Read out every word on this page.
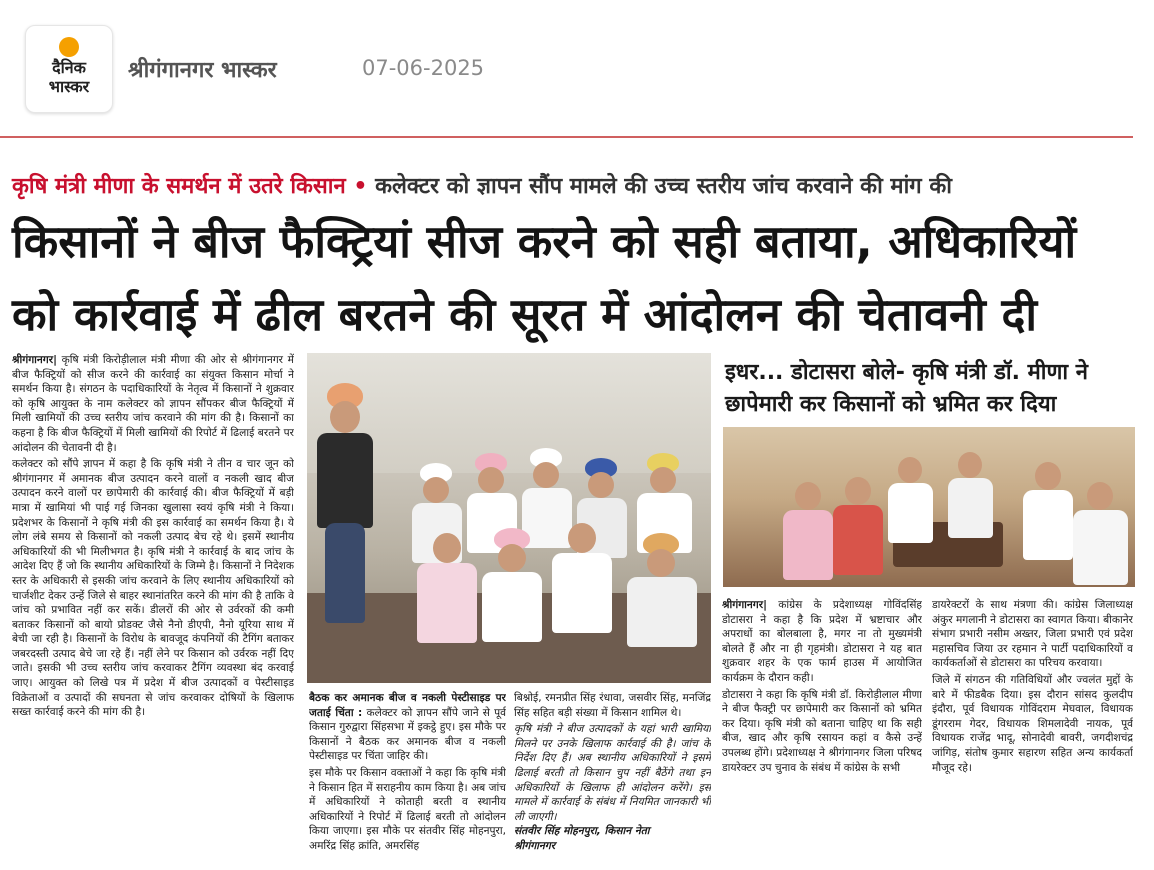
दैनिक
भास्कर
श्रीगंगानगर भास्कर	07-06-2025
कृषि मंत्री मीणा के समर्थन में उतरे किसान • कलेक्टर को ज्ञापन सौंप मामले की उच्च स्तरीय जांच करवाने की मांग की
किसानों ने बीज फैक्ट्रियां सीज करने को सही बताया, अधिकारियों
को कार्रवाई में ढील बरतने की सूरत में आंदोलन की चेतावनी दी

श्रीगंगानगर| कृषि मंत्री किरोड़ीलाल मंत्री मीणा की ओर से श्रीगंगानगर में बीज फैक्ट्रियों को सीज करने की कार्रवाई का संयुक्त किसान मोर्चा ने समर्थन किया है। संगठन के पदाधिकारियों के नेतृत्व में किसानों ने शुक्रवार को कृषि आयुक्त के नाम कलेक्टर को ज्ञापन सौंपकर बीज फैक्ट्रियों में मिली खामियों की उच्च स्तरीय जांच करवाने की मांग की है। किसानों का कहना है कि बीज फैक्ट्रियों में मिली खामियों की रिपोर्ट में ढिलाई बरतने पर आंदोलन की चेतावनी दी है।

कलेक्टर को सौंपे ज्ञापन में कहा है कि कृषि मंत्री ने तीन व चार जून को श्रीगंगानगर में अमानक बीज उत्पादन करने वालों व नकली खाद बीज उत्पादन करने वालों पर छापेमारी की कार्रवाई की। बीज फैक्ट्रियों में बड़ी मात्रा में खामियां भी पाई गई जिनका खुलासा स्वयं कृषि मंत्री ने किया। प्रदेशभर के किसानों ने कृषि मंत्री की इस कार्रवाई का समर्थन किया है। ये लोग लंबे समय से किसानों को नकली उत्पाद बेच रहे थे। इसमें स्थानीय अधिकारियों की भी मिलीभगत है। कृषि मंत्री ने कार्रवाई के बाद जांच के आदेश दिए हैं जो कि स्थानीय अधिकारियों के जिम्मे है। किसानों ने निदेशक स्तर के अधिकारी से इसकी जांच करवाने के लिए स्थानीय अधिकारियों को चार्जशीट देकर उन्हें जिले से बाहर स्थानांतरित करने की मांग की है ताकि वे जांच को प्रभावित नहीं कर सकें। डीलरों की ओर से उर्वरकों की कमी बताकर किसानों को बायो प्रोडक्ट जैसे नैनो डीएपी, नैनो यूरिया साथ में बेची जा रही है। किसानों के विरोध के बावजूद कंपनियों की टैगिंग बताकर जबरदस्ती उत्पाद बेचे जा रहे हैं। नहीं लेने पर किसान को उर्वरक नहीं दिए जाते। इसकी भी उच्च स्तरीय जांच करवाकर टैगिंग व्यवस्था बंद करवाई जाए। आयुक्त को लिखे पत्र में प्रदेश में बीज उत्पादकों व पेस्टीसाइड विक्रेताओं व उत्पादों की सघनता से जांच करवाकर दोषियों के खिलाफ सख्त कार्रवाई करने की मांग की है।

बैठक कर अमानक बीज व नकली पेस्टीसाइड पर जताई चिंता : कलेक्टर को ज्ञापन सौंपे जाने से पूर्व किसान गुरुद्वारा सिंहसभा में इकट्ठे हुए। इस मौके पर किसानों ने बैठक कर अमानक बीज व नकली पेस्टीसाइड पर चिंता जाहिर की।

इस मौके पर किसान वक्ताओं ने कहा कि कृषि मंत्री ने किसान हित में सराहनीय काम किया है। अब जांच में अधिकारियों ने कोताही बरती व स्थानीय अधिकारियों ने रिपोर्ट में ढिलाई बरती तो आंदोलन किया जाएगा। इस मौके पर संतवीर सिंह मोहनपुरा, अमरिंद्र सिंह क्रांति, अमरसिंह

बिश्नोई, रमनप्रीत सिंह रंधावा, जसवीर सिंह, मनजिंद्र सिंह सहित बड़ी संख्या में किसान शामिल थे।

कृषि मंत्री ने बीज उत्पादकों के यहां भारी खामियां मिलने पर उनके खिलाफ कार्रवाई की है। जांच के निर्देश दिए हैं। अब स्थानीय अधिकारियों ने इसमें ढिलाई बरती तो किसान चुप नहीं बैठेंगे तथा इन अधिकारियों के खिलाफ ही आंदोलन करेंगे। इस मामले में कार्रवाई के संबंध में नियमित जानकारी भी ली जाएगी।
संतवीर सिंह मोहनपुरा, किसान नेता
श्रीगंगानगर

इधर... डोटासरा बोले- कृषि मंत्री डॉ. मीणा ने छापेमारी कर किसानों को भ्रमित कर दिया

श्रीगंगानगर| कांग्रेस के प्रदेशाध्यक्ष गोविंदसिंह डोटासरा ने कहा है कि प्रदेश में भ्रष्टाचार और अपराधों का बोलबाला है, मगर ना तो मुख्यमंत्री बोलते हैं और ना ही गृहमंत्री। डोटासरा ने यह बात शुक्रवार शहर के एक फार्म हाउस में आयोजित कार्यक्रम के दौरान कही।

डोटासरा ने कहा कि कृषि मंत्री डॉ. किरोड़ीलाल मीणा ने बीज फैक्ट्री पर छापेमारी कर किसानों को भ्रमित कर दिया। कृषि मंत्री को बताना चाहिए था कि सही बीज, खाद और कृषि रसायन कहां व कैसे उन्हें उपलब्ध होंगे। प्रदेशाध्यक्ष ने श्रीगंगानगर जिला परिषद डायरेक्टर उप चुनाव के संबंध में कांग्रेस के सभी

डायरेक्टरों के साथ मंत्रणा की। कांग्रेस जिलाध्यक्ष अंकुर मगलानी ने डोटासरा का स्वागत किया। बीकानेर संभाग प्रभारी नसीम अख्तर, जिला प्रभारी एवं प्रदेश महासचिव जिया उर रहमान ने पार्टी पदाधिकारियों व कार्यकर्ताओं से डोटासरा का परिचय करवाया।

जिले में संगठन की गतिविधियों और ज्वलंत मुद्दों के बारे में फीडबैक दिया। इस दौरान सांसद कुलदीप इंदौरा, पूर्व विधायक गोविंदराम मेघवाल, विधायक डूंगरराम गेदर, विधायक शिमलादेवी नायक, पूर्व विधायक राजेंद्र भादू, सोनादेवी बावरी, जगदीशचंद्र जांगिड़, संतोष कुमार सहारण सहित अन्य कार्यकर्ता मौजूद रहे।
